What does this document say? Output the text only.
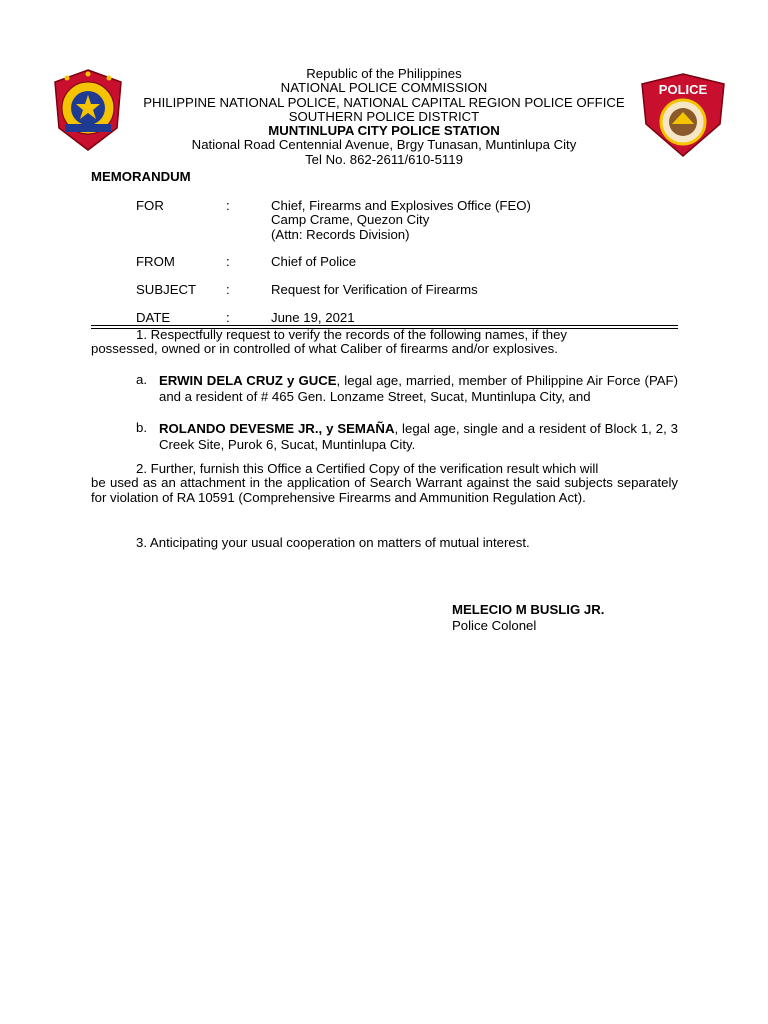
POLICE
Republic of the Philippines
NATIONAL POLICE COMMISSION
PHILIPPINE NATIONAL POLICE, NATIONAL CAPITAL REGION POLICE OFFICE
SOUTHERN POLICE DISTRICT
MUNTINLUPA CITY POLICE STATION
National Road Centennial Avenue, Brgy Tunasan, Muntinlupa City
Tel No. 862-2611/610-5119
MEMORANDUM
FOR	:	Chief, Firearms and Explosives Office (FEO)
Camp Crame, Quezon City
(Attn: Records Division)
FROM	:	Chief of Police
SUBJECT :	Request for Verification of Firearms
DATE	:	June 19, 2021
1. Respectfully request to verify the records of the following names, if they
possessed, owned or in controlled of what Caliber of firearms and/or explosives.
a. ERWIN DELA CRUZ y GUCE, legal age, married, member of Philippine Air Force (PAF) and a resident of # 465 Gen. Lonzame Street, Sucat, Muntinlupa City, and
b. ROLANDO DEVESME JR., y SEMAÑA, legal age, single and a resident of Block 1, 2, 3 Creek Site, Purok 6, Sucat, Muntinlupa City.
2. Further, furnish this Office a Certified Copy of the verification result which will
be used as an attachment in the application of Search Warrant against the said subjects separately for violation of RA 10591 (Comprehensive Firearms and Ammunition Regulation Act).
3. Anticipating your usual cooperation on matters of mutual interest.
MELECIO M BUSLIG JR.
Police Colonel
